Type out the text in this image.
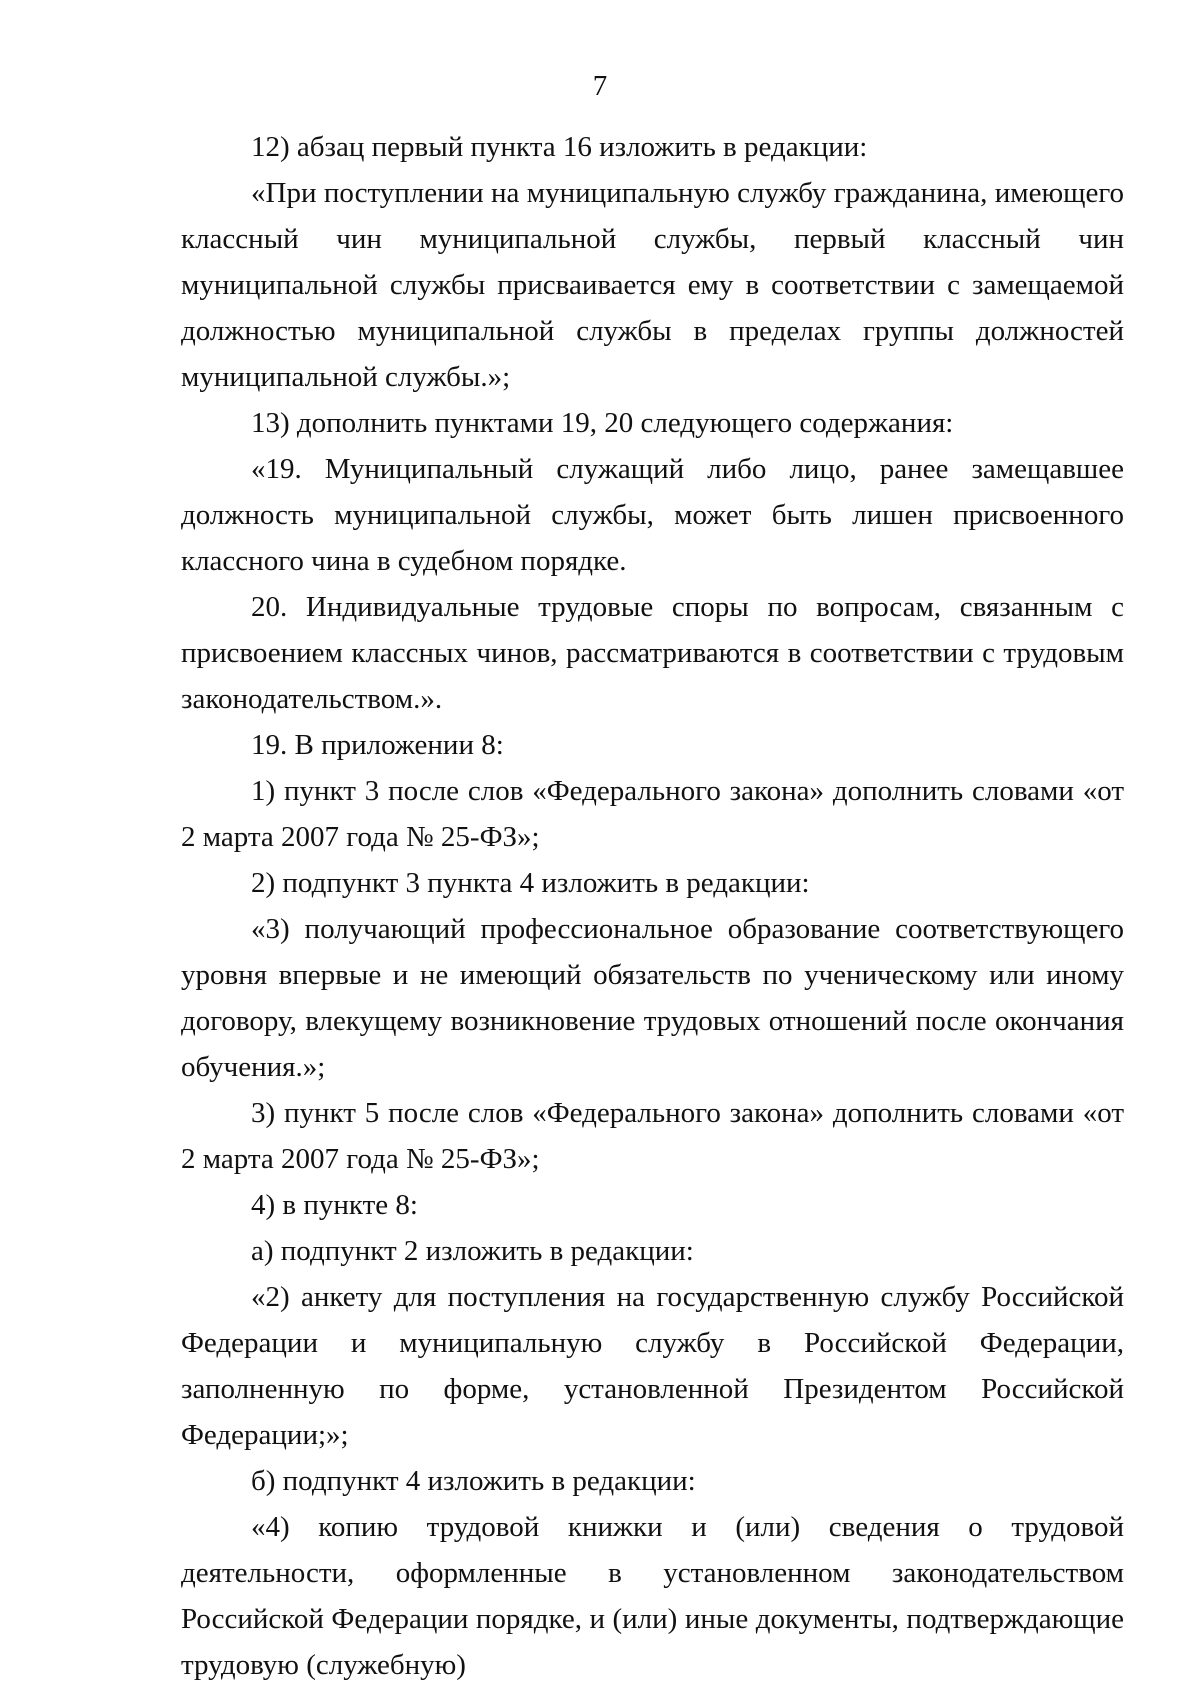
7

12) абзац первый пункта 16 изложить в редакции:

«При поступлении на муниципальную службу гражданина, имеющего классный чин муниципальной службы, первый классный чин муниципальной службы присваивается ему в соответствии с замещаемой должностью муниципальной службы в пределах группы должностей муниципальной службы.»;

13) дополнить пунктами 19, 20 следующего содержания:

«19. Муниципальный служащий либо лицо, ранее замещавшее должность муниципальной службы, может быть лишен присвоенного классного чина в судебном порядке.

20. Индивидуальные трудовые споры по вопросам, связанным с присвоением классных чинов, рассматриваются в соответствии с трудовым законодательством.».

19. В приложении 8:

1) пункт 3 после слов «Федерального закона» дополнить словами «от 2 марта 2007 года № 25-ФЗ»;

2) подпункт 3 пункта 4 изложить в редакции:

«3) получающий профессиональное образование соответствующего уровня впервые и не имеющий обязательств по ученическому или иному договору, влекущему возникновение трудовых отношений после окончания обучения.»;

3) пункт 5 после слов «Федерального закона» дополнить словами «от 2 марта 2007 года № 25-ФЗ»;

4) в пункте 8:

а) подпункт 2 изложить в редакции:

«2) анкету для поступления на государственную службу Российской Федерации и муниципальную службу в Российской Федерации, заполненную по форме, установленной Президентом Российской Федерации;»;

б) подпункт 4 изложить в редакции:

«4) копию трудовой книжки и (или) сведения о трудовой деятельности, оформленные в установленном законодательством Российской Федерации порядке, и (или) иные документы, подтверждающие трудовую (служебную)
